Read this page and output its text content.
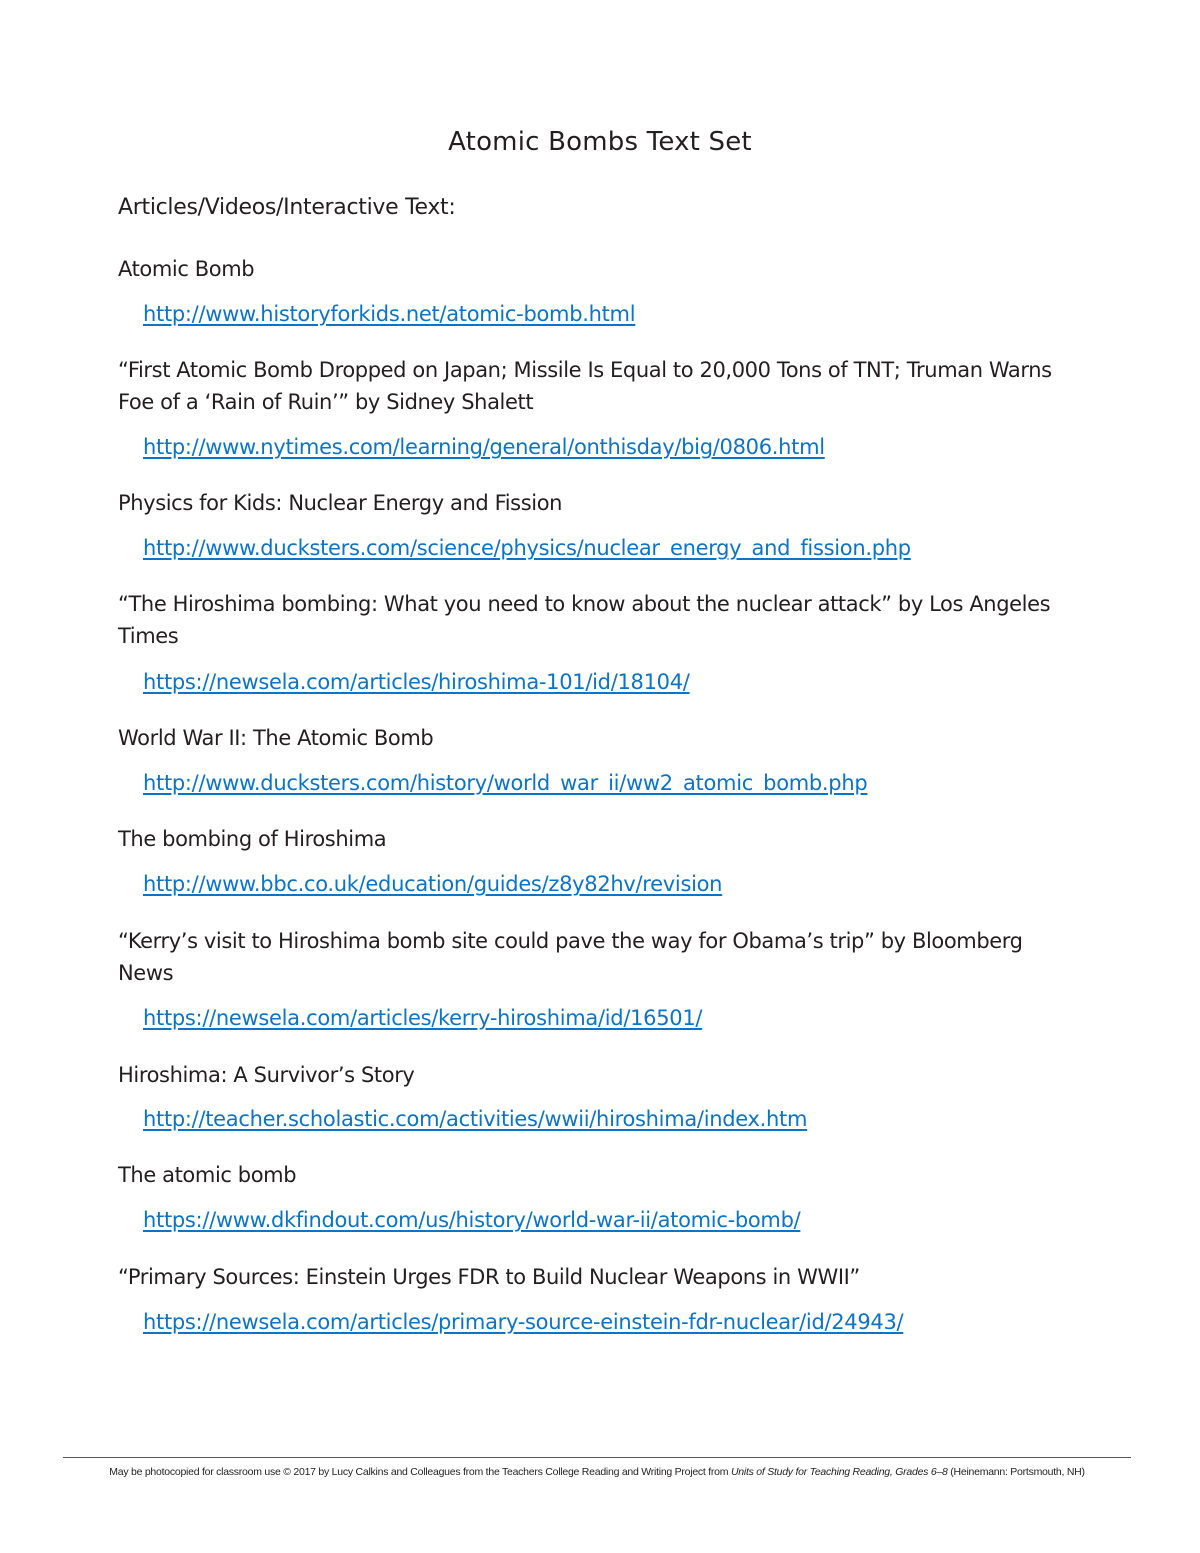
Atomic Bombs Text Set
Articles/Videos/Interactive Text:
Atomic Bomb
http://www.historyforkids.net/atomic-bomb.html
“First Atomic Bomb Dropped on Japan; Missile Is Equal to 20,000 Tons of TNT; Truman Warns Foe of a ‘Rain of Ruin’” by Sidney Shalett
http://www.nytimes.com/learning/general/onthisday/big/0806.html
Physics for Kids: Nuclear Energy and Fission
http://www.ducksters.com/science/physics/nuclear_energy_and_fission.php
“The Hiroshima bombing: What you need to know about the nuclear attack” by Los Angeles Times
https://newsela.com/articles/hiroshima-101/id/18104/
World War II: The Atomic Bomb
http://www.ducksters.com/history/world_war_ii/ww2_atomic_bomb.php
The bombing of Hiroshima
http://www.bbc.co.uk/education/guides/z8y82hv/revision
“Kerry’s visit to Hiroshima bomb site could pave the way for Obama’s trip” by Bloomberg News
https://newsela.com/articles/kerry-hiroshima/id/16501/
Hiroshima: A Survivor’s Story
http://teacher.scholastic.com/activities/wwii/hiroshima/index.htm
The atomic bomb
https://www.dkfindout.com/us/history/world-war-ii/atomic-bomb/
“Primary Sources: Einstein Urges FDR to Build Nuclear Weapons in WWII”
https://newsela.com/articles/primary-source-einstein-fdr-nuclear/id/24943/
May be photocopied for classroom use © 2017 by Lucy Calkins and Colleagues from the Teachers College Reading and Writing Project from Units of Study for Teaching Reading, Grades 6–8 (Heinemann: Portsmouth, NH)
